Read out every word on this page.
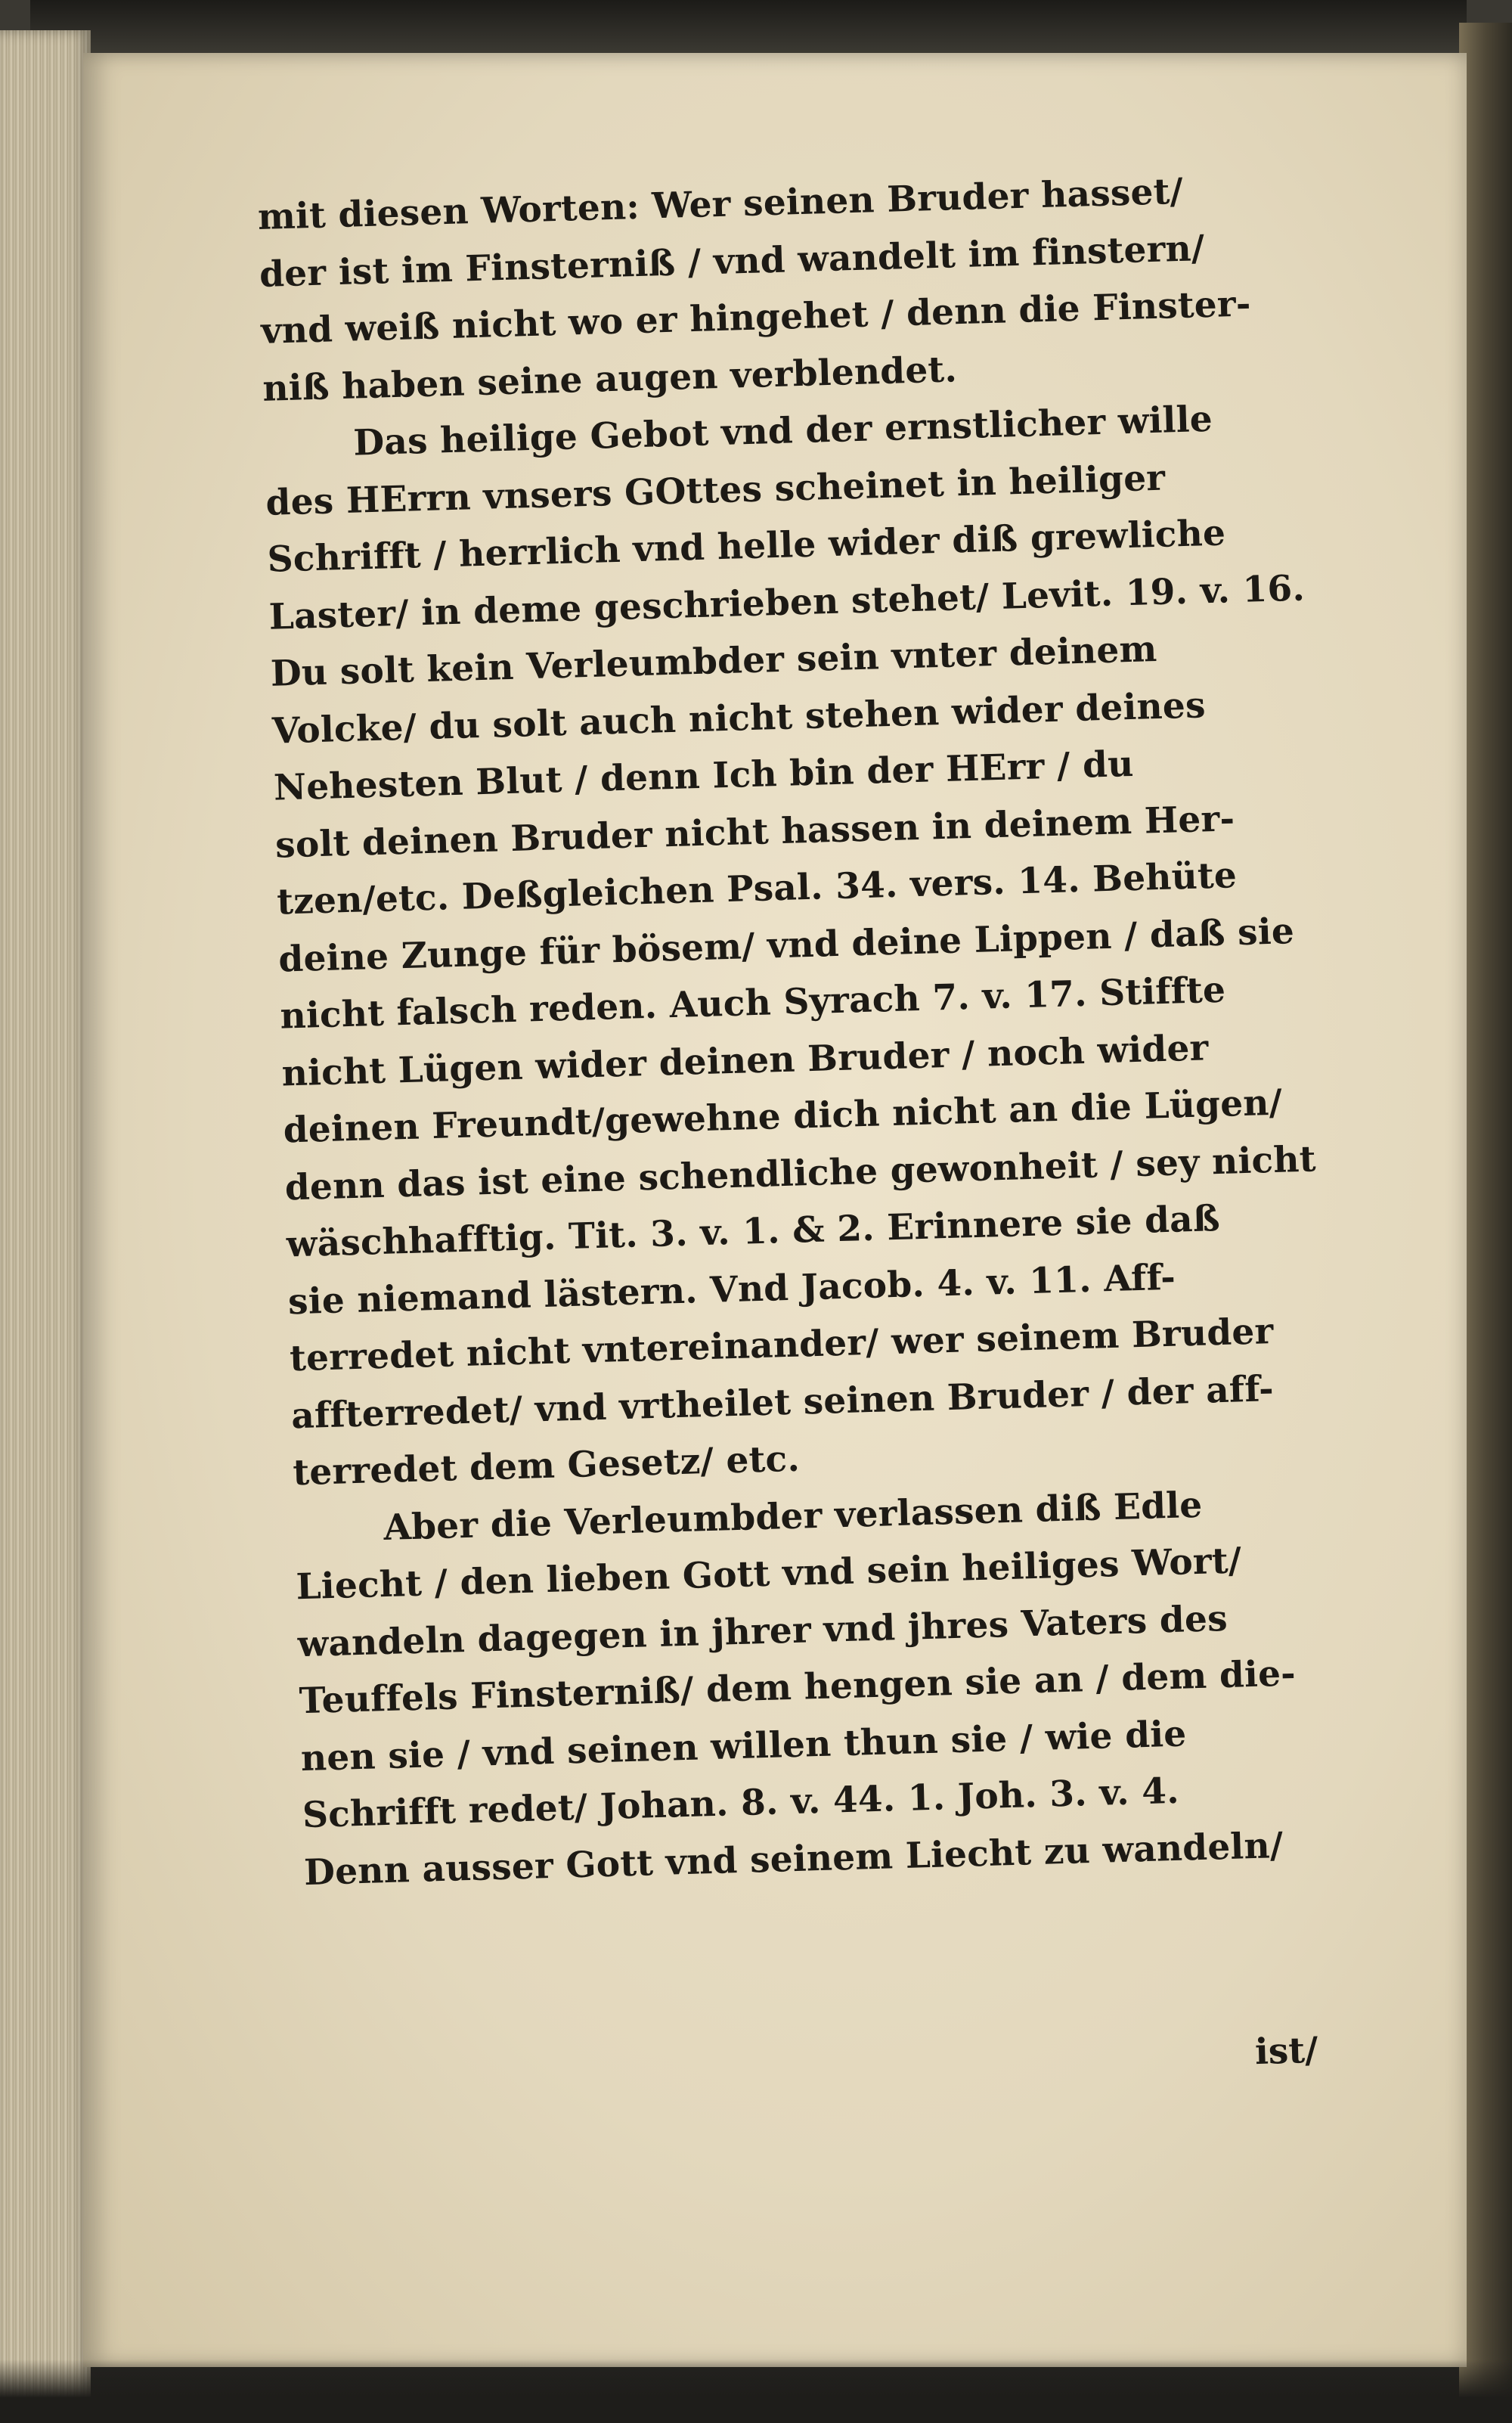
mit diesen Worten: Wer seinen Bruder hasset/
der ist im Finsterniß / vnd wandelt im finstern/
vnd weiß nicht wo er hingehet / denn die Finster-
niß haben seine augen verblendet.
Das heilige Gebot vnd der ernstlicher wille
des HErrn vnsers GOttes scheinet in heiliger
Schrifft / herrlich vnd helle wider diß grewliche
Laster/ in deme geschrieben stehet/ Levit. 19. v. 16.
Du solt kein Verleumbder sein vnter deinem
Volcke/ du solt auch nicht stehen wider deines
Nehesten Blut / denn Ich bin der HErr / du
solt deinen Bruder nicht hassen in deinem Her-
tzen/etc. Deßgleichen Psal. 34. vers. 14. Behüte
deine Zunge für bösem/ vnd deine Lippen / daß sie
nicht falsch reden. Auch Syrach 7. v. 17. Stiffte
nicht Lügen wider deinen Bruder / noch wider
deinen Freundt/gewehne dich nicht an die Lügen/
denn das ist eine schendliche gewonheit / sey nicht
wäschhafftig. Tit. 3. v. 1. & 2. Erinnere sie daß
sie niemand lästern. Vnd Jacob. 4. v. 11. Aff-
terredet nicht vntereinander/ wer seinem Bruder
affterredet/ vnd vrtheilet seinen Bruder / der aff-
terredet dem Gesetz/ etc.
Aber die Verleumbder verlassen diß Edle
Liecht / den lieben Gott vnd sein heiliges Wort/
wandeln dagegen in jhrer vnd jhres Vaters des
Teuffels Finsterniß/ dem hengen sie an / dem die-
nen sie / vnd seinen willen thun sie / wie die
Schrifft redet/ Johan. 8. v. 44. 1. Joh. 3. v. 4.
Denn ausser Gott vnd seinem Liecht zu wandeln/
ist/
